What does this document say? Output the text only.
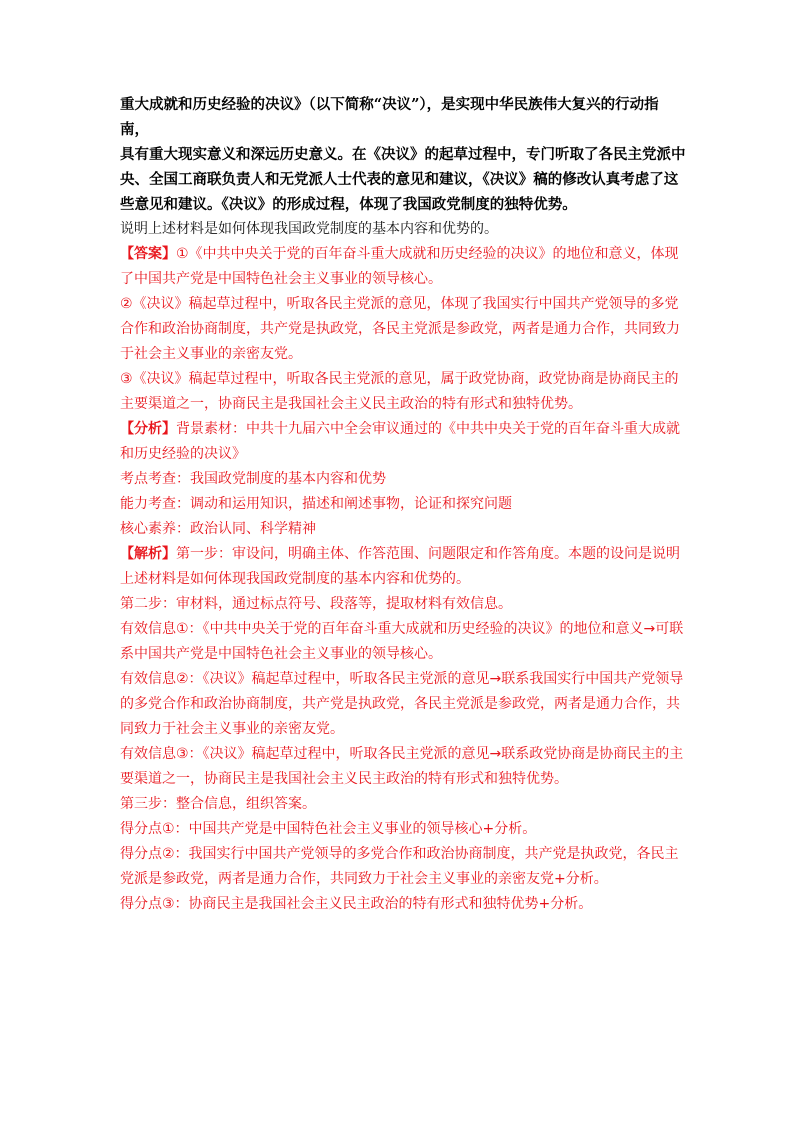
重大成就和历史经验的决议》（以下简称“决议”），是实现中华民族伟大复兴的行动指南，

具有重大现实意义和深远历史意义。在《决议》的起草过程中，专门听取了各民主党派中

央、全国工商联负责人和无党派人士代表的意见和建议，《决议》稿的修改认真考虑了这

些意见和建议。《决议》的形成过程，体现了我国政党制度的独特优势。

说明上述材料是如何体现我国政党制度的基本内容和优势的。

【答案】①《中共中央关于党的百年奋斗重大成就和历史经验的决议》的地位和意义，体现了中国共产党是中国特色社会主义事业的领导核心。

②《决议》稿起草过程中，听取各民主党派的意见，体现了我国实行中国共产党领导的多党合作和政治协商制度，共产党是执政党，各民主党派是参政党，两者是通力合作，共同致力于社会主义事业的亲密友党。

③《决议》稿起草过程中，听取各民主党派的意见，属于政党协商，政党协商是协商民主的主要渠道之一，协商民主是我国社会主义民主政治的特有形式和独特优势。

【分析】背景素材：中共十九届六中全会审议通过的《中共中央关于党的百年奋斗重大成就和历史经验的决议》

考点考查：我国政党制度的基本内容和优势

能力考查：调动和运用知识，描述和阐述事物，论证和探究问题

核心素养：政治认同、科学精神

【解析】第一步：审设问，明确主体、作答范围、问题限定和作答角度。本题的设问是说明上述材料是如何体现我国政党制度的基本内容和优势的。

第二步：审材料，通过标点符号、段落等，提取材料有效信息。

有效信息①：《中共中央关于党的百年奋斗重大成就和历史经验的决议》的地位和意义→可联系中国共产党是中国特色社会主义事业的领导核心。

有效信息②：《决议》稿起草过程中，听取各民主党派的意见→联系我国实行中国共产党领导的多党合作和政治协商制度，共产党是执政党，各民主党派是参政党，两者是通力合作，共同致力于社会主义事业的亲密友党。

有效信息③：《决议》稿起草过程中，听取各民主党派的意见→联系政党协商是协商民主的主要渠道之一，协商民主是我国社会主义民主政治的特有形式和独特优势。

第三步：整合信息，组织答案。

得分点①：中国共产党是中国特色社会主义事业的领导核心+分析。

得分点②：我国实行中国共产党领导的多党合作和政治协商制度，共产党是执政党，各民主党派是参政党，两者是通力合作，共同致力于社会主义事业的亲密友党+分析。

得分点③：协商民主是我国社会主义民主政治的特有形式和独特优势+分析。
